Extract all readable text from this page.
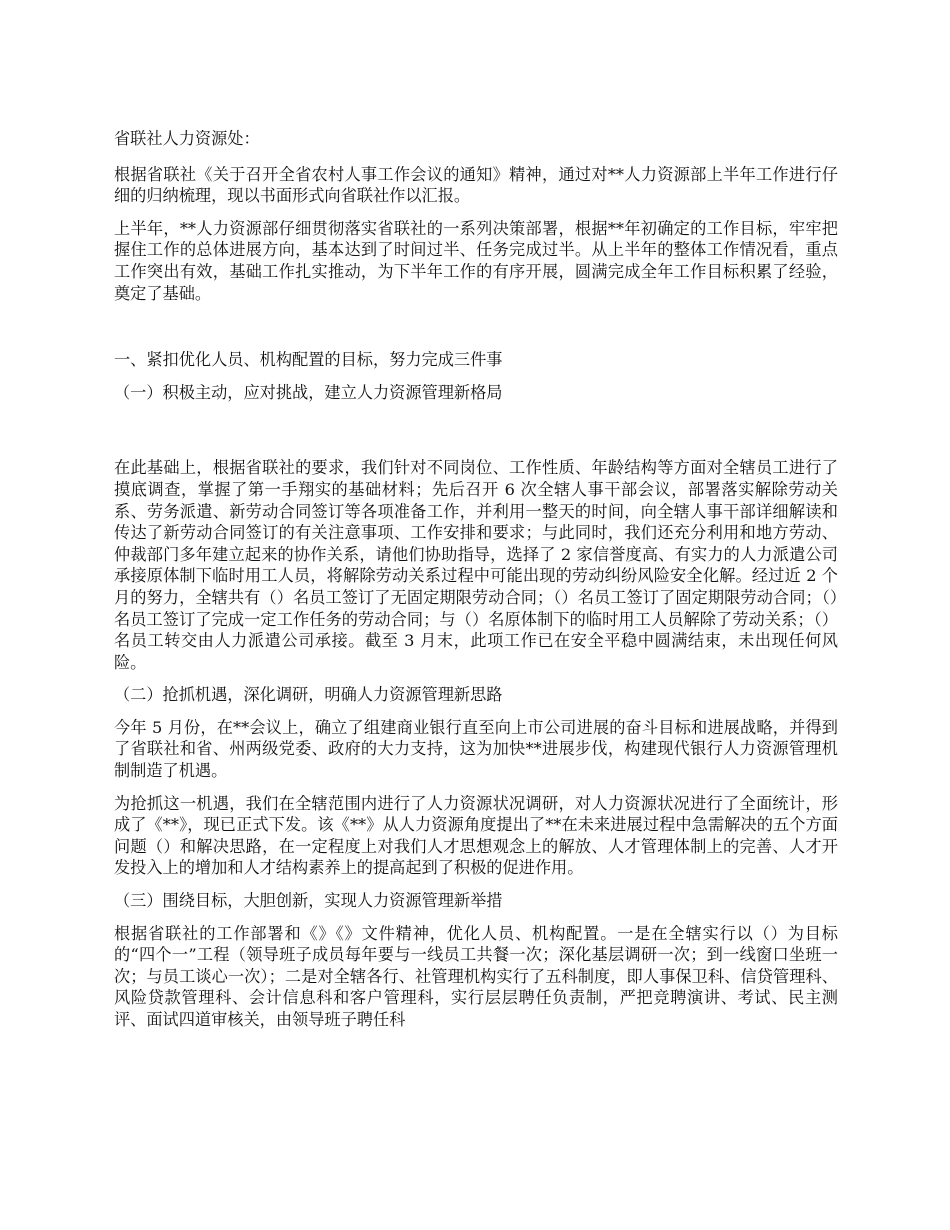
省联社人力资源处：

根据省联社《关于召开全省农村人事工作会议的通知》精神，通过对**人力资源部上半年工作进行仔细的归纳梳理，现以书面形式向省联社作以汇报。

上半年，**人力资源部仔细贯彻落实省联社的一系列决策部署，根据**年初确定的工作目标，牢牢把握住工作的总体进展方向，基本达到了时间过半、任务完成过半。从上半年的整体工作情况看，重点工作突出有效，基础工作扎实推动，为下半年工作的有序开展，圆满完成全年工作目标积累了经验，奠定了基础。

一、紧扣优化人员、机构配置的目标，努力完成三件事

（一）积极主动，应对挑战，建立人力资源管理新格局

在此基础上，根据省联社的要求，我们针对不同岗位、工作性质、年龄结构等方面对全辖员工进行了摸底调查，掌握了第一手翔实的基础材料；先后召开 6 次全辖人事干部会议，部署落实解除劳动关系、劳务派遣、新劳动合同签订等各项准备工作，并利用一整天的时间，向全辖人事干部详细解读和传达了新劳动合同签订的有关注意事项、工作安排和要求；与此同时，我们还充分利用和地方劳动、仲裁部门多年建立起来的协作关系，请他们协助指导，选择了 2 家信誉度高、有实力的人力派遣公司承接原体制下临时用工人员，将解除劳动关系过程中可能出现的劳动纠纷风险安全化解。经过近 2 个月的努力，全辖共有（）名员工签订了无固定期限劳动合同；（）名员工签订了固定期限劳动合同；（）名员工签订了完成一定工作任务的劳动合同；与（）名原体制下的临时用工人员解除了劳动关系；（）名员工转交由人力派遣公司承接。截至 3 月末，此项工作已在安全平稳中圆满结束，未出现任何风险。

（二）抢抓机遇，深化调研，明确人力资源管理新思路

今年 5 月份，在**会议上，确立了组建商业银行直至向上市公司进展的奋斗目标和进展战略，并得到了省联社和省、州两级党委、政府的大力支持，这为加快**进展步伐，构建现代银行人力资源管理机制制造了机遇。

为抢抓这一机遇，我们在全辖范围内进行了人力资源状况调研，对人力资源状况进行了全面统计，形成了《**》，现已正式下发。该《**》从人力资源角度提出了**在未来进展过程中急需解决的五个方面问题（）和解决思路，在一定程度上对我们人才思想观念上的解放、人才管理体制上的完善、人才开发投入上的增加和人才结构素养上的提高起到了积极的促进作用。

（三）围绕目标，大胆创新，实现人力资源管理新举措

根据省联社的工作部署和《》《》文件精神，优化人员、机构配置。一是在全辖实行以（）为目标的“四个一”工程（领导班子成员每年要与一线员工共餐一次；深化基层调研一次；到一线窗口坐班一次；与员工谈心一次）；二是对全辖各行、社管理机构实行了五科制度，即人事保卫科、信贷管理科、风险贷款管理科、会计信息科和客户管理科，实行层层聘任负责制，严把竞聘演讲、考试、民主测评、面试四道审核关，由领导班子聘任科
